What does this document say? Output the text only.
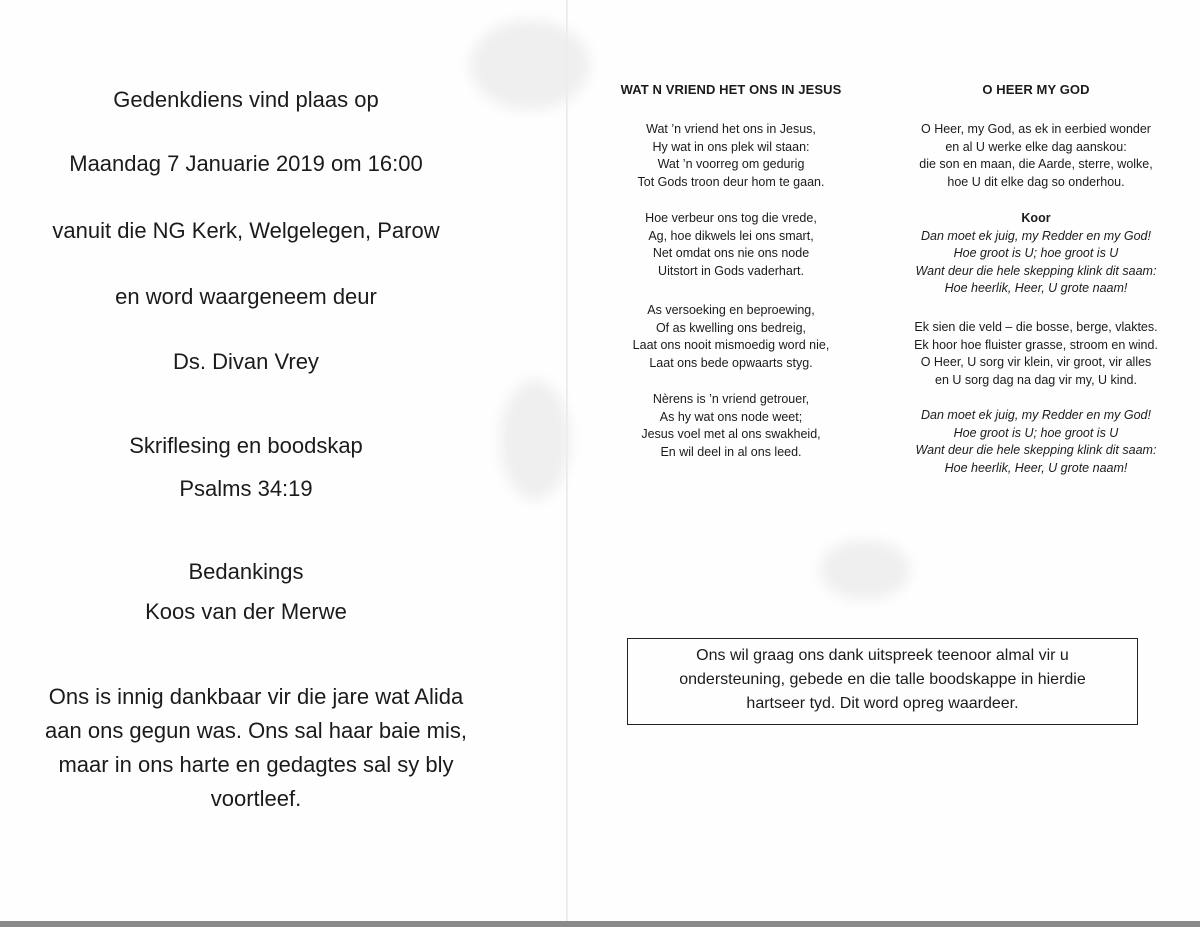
Gedenkdiens vind plaas op
Maandag 7 Januarie 2019 om 16:00
vanuit die NG Kerk, Welgelegen, Parow
en word waargeneem deur
Ds. Divan Vrey
Skriflesing en boodskap
Psalms 34:19
Bedankings
Koos van der Merwe
Ons is innig dankbaar vir die jare wat Alida
aan ons gegun was. Ons sal haar baie mis,
maar in ons harte en gedagtes sal sy bly
voortleef.
WAT N VRIEND HET ONS IN JESUS
Wat ’n vriend het ons in Jesus,
Hy wat in ons plek wil staan:
Wat ’n voorreg om gedurig
Tot Gods troon deur hom te gaan.
Hoe verbeur ons tog die vrede,
Ag, hoe dikwels lei ons smart,
Net omdat ons nie ons node
Uitstort in Gods vaderhart.
As versoeking en beproewing,
Of as kwelling ons bedreig,
Laat ons nooit mismoedig word nie,
Laat ons bede opwaarts styg.
Nèrens is ’n vriend getrouer,
As hy wat ons node weet;
Jesus voel met al ons swakheid,
En wil deel in al ons leed.
O HEER MY GOD
O Heer, my God, as ek in eerbied wonder
en al U werke elke dag aanskou:
die son en maan, die Aarde, sterre, wolke,
hoe U dit elke dag so onderhou.
Koor
Dan moet ek juig, my Redder en my God!
Hoe groot is U; hoe groot is U
Want deur die hele skepping klink dit saam:
Hoe heerlik, Heer, U grote naam!
Ek sien die veld – die bosse, berge, vlaktes.
Ek hoor hoe fluister grasse, stroom en wind.
O Heer, U sorg vir klein, vir groot, vir alles
en U sorg dag na dag vir my, U kind.
Dan moet ek juig, my Redder en my God!
Hoe groot is U; hoe groot is U
Want deur die hele skepping klink dit saam:
Hoe heerlik, Heer, U grote naam!
Ons wil graag ons dank uitspreek teenoor almal vir u
ondersteuning, gebede en die talle boodskappe in hierdie
hartseer tyd. Dit word opreg waardeer.
